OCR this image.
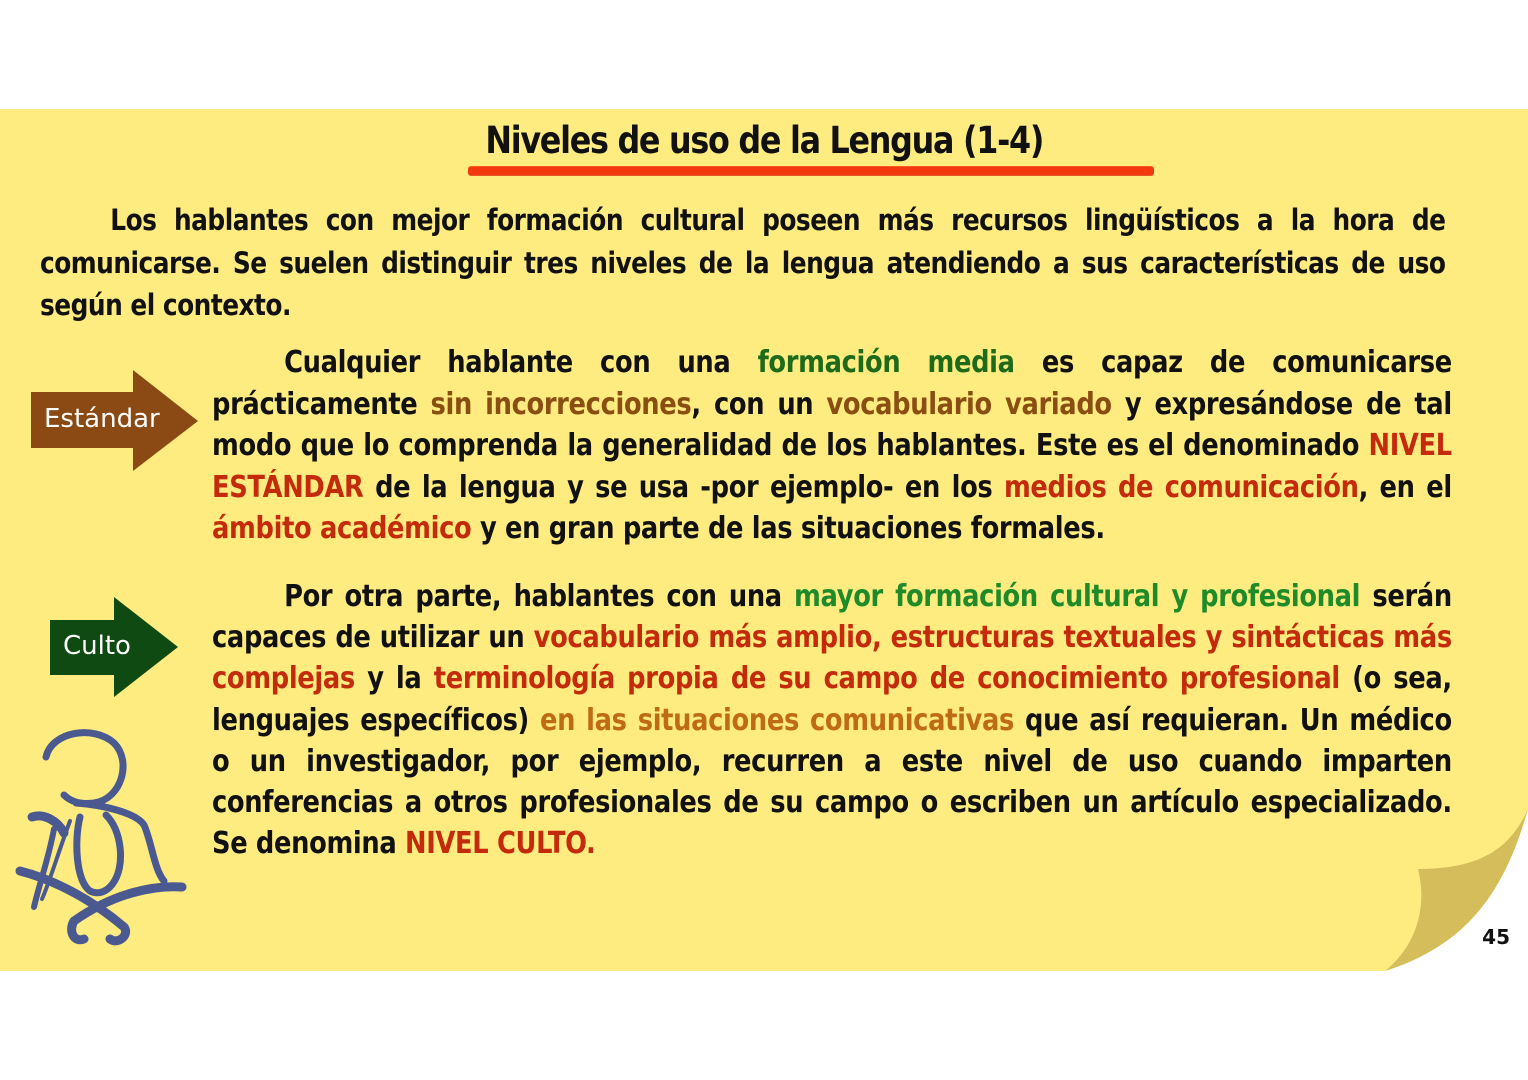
Niveles de uso de la Lengua (1-4)
Los hablantes con mejor formación cultural poseen más recursos lingüísticos a la hora de comunicarse. Se suelen distinguir tres niveles de la lengua atendiendo a sus características de uso según el contexto.
Estándar
Cualquier hablante con una formación media es capaz de comunicarse prácticamente sin incorrecciones, con un vocabulario variado y expresándose de tal modo que lo comprenda la generalidad de los hablantes. Este es el denominado NIVEL ESTÁNDAR de la lengua y se usa -por ejemplo- en los medios de comunicación, en el ámbito académico y en gran parte de las situaciones formales.
Culto
Por otra parte, hablantes con una mayor formación cultural y profesional serán capaces de utilizar un vocabulario más amplio, estructuras textuales y sintácticas más complejas y la terminología propia de su campo de conocimiento profesional (o sea, lenguajes específicos) en las situaciones comunicativas que así requieran. Un médico o un investigador, por ejemplo, recurren a este nivel de uso cuando imparten conferencias a otros profesionales de su campo o escriben un artículo especializado. Se denomina NIVEL CULTO.
45
